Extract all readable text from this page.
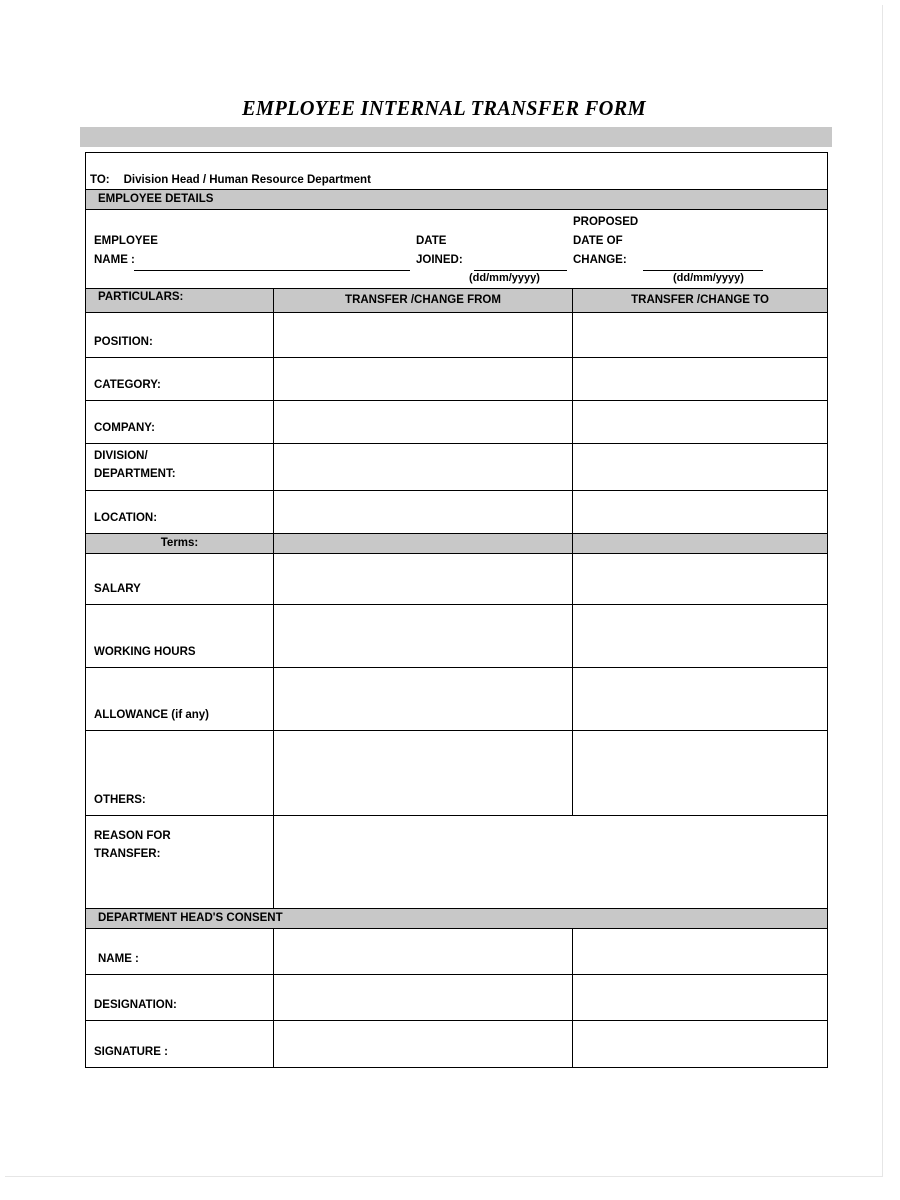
EMPLOYEE INTERNAL TRANSFER FORM
TO: Division Head / Human Resource Department		

EMPLOYEE DETAILS		

EMPLOYEE
NAME :
DATE
JOINED:
PROPOSED
DATE OF
CHANGE:
(dd/mm/yyyy)	(dd/mm/yyyy)

PARTICULARS:	TRANSFER /CHANGE FROM	TRANSFER /CHANGE TO

POSITION:		

CATEGORY:		

COMPANY:		

DIVISION/
DEPARTMENT:		

LOCATION:		

Terms:		

SALARY		

WORKING HOURS		

ALLOWANCE (if any)		

OTHERS:		

REASON FOR
TRANSFER:		

DEPARTMENT HEAD'S CONSENT		

NAME :		

DESIGNATION:		

SIGNATURE :		
